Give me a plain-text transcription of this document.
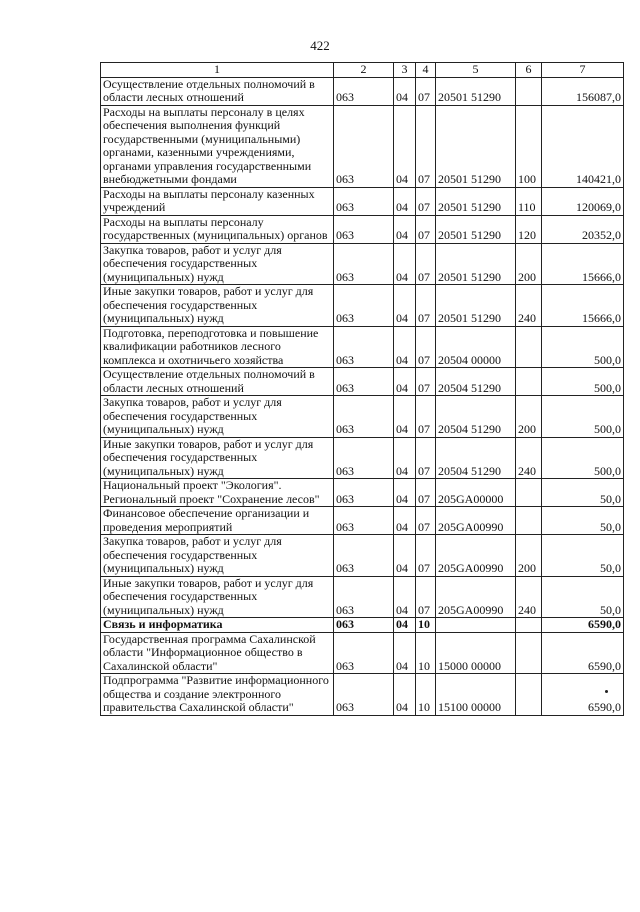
422
1	2	3	4	5	6	7
Осуществление отдельных полномочий в области лесных отношений	063	04	07	20501 51290		156087,0
Расходы на выплаты персоналу в целях обеспечения выполнения функций государственными (муниципальными) органами, казенными учреждениями, органами управления государственными внебюджетными фондами	063	04	07	20501 51290	100	140421,0
Расходы на выплаты персоналу казенных учреждений	063	04	07	20501 51290	110	120069,0
Расходы на выплаты персоналу государственных (муниципальных) органов	063	04	07	20501 51290	120	20352,0
Закупка товаров, работ и услуг для обеспечения государственных (муниципальных) нужд	063	04	07	20501 51290	200	15666,0
Иные закупки товаров, работ и услуг для обеспечения государственных (муниципальных) нужд	063	04	07	20501 51290	240	15666,0
Подготовка, переподготовка и повышение квалификации работников лесного комплекса и охотничьего хозяйства	063	04	07	20504 00000		500,0
Осуществление отдельных полномочий в области лесных отношений	063	04	07	20504 51290		500,0
Закупка товаров, работ и услуг для обеспечения государственных (муниципальных) нужд	063	04	07	20504 51290	200	500,0
Иные закупки товаров, работ и услуг для обеспечения государственных (муниципальных) нужд	063	04	07	20504 51290	240	500,0
Национальный проект "Экология". Региональный проект "Сохранение лесов"	063	04	07	205GA00000		50,0
Финансовое обеспечение организации и проведения мероприятий	063	04	07	205GA00990		50,0
Закупка товаров, работ и услуг для обеспечения государственных (муниципальных) нужд	063	04	07	205GA00990	200	50,0
Иные закупки товаров, работ и услуг для обеспечения государственных (муниципальных) нужд	063	04	07	205GA00990	240	50,0
Связь и информатика	063	04	10			6590,0
Государственная программа Сахалинской области "Информационное общество в Сахалинской области"	063	04	10	15000 00000		6590,0
Подпрограмма "Развитие информационного общества и создание электронного правительства Сахалинской области"	063	04	10	15100 00000		6590,0
